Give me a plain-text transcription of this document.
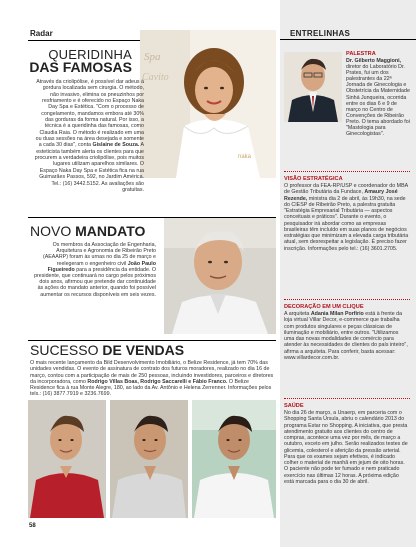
Radar
Spa
Cavito
naka
QUERIDINHA
DAS FAMOSAS
Através da criolipólise, é possível dar adeus à gordura localizada sem cirurgia. O método, não invasivo, elimina os pneuzinhos por resfriamento e é oferecido no Espaço Naka Day Spa e Estética. "Com o processo de congelamento, mandamos embora até 30% das gorduras da forma natural. Por isso, a técnica é a queridinha das famosas, como Claudia Raia. O método é realizado em uma ou duas sessões na área desejada e somente a cada 30 dias", conta Gislaine de Souza. A esteticista também alerta os clientes para que procurem a verdadeira criolipólise, pois muitos lugares utilizam aparelhos similares. O Espaço Naka Day Spa e Estética fica na rua Guimarães Passos, 592, no Jardim América. Tel.: (16) 3442.5152. As avaliações são gratuitas.
NOVO MANDATO
Os membros da Associação de Engenharia, Arquitetura e Agronomia de Ribeirão Preto (AEAARP) foram às urnas no dia 25 de março e reelegeram o engenheiro civil João Paulo Figueiredo para a presidência da entidade. O presidente, que continuará no cargo pelos próximos dois anos, afirmou que pretende dar continuidade às ações do mandato anterior, quando foi possível aumentar os recursos disponíveis em seis vezes.
SUCESSO DE VENDAS
O mais recente lançamento da Bild Desenvolvimento Imobiliário, o Belize Residence, já tem 70% das unidades vendidas. O evento de assinatura de contrato dos futuros moradores, realizado no dia 16 de março, contou com a participação de mais de 250 pessoas, incluindo investidores, parceiros e diretores da incorporadora, como Rodrigo Villas Boas, Rodrigo Saccarelli e Fábio Franco. O Belize Residence fica à rua Monte Alegre, 180, ao lado da Av. Antônio e Helena Zerrenner. Informações pelos tels.: (16) 3877.7919 e 3236.7699.
58
ENTRELINHAS
PALESTRA
Dr. Gilberto Maggioni, diretor do Laboratório Dr. Prates, fui um dos palestrantes da 22ª Jornada de Ginecologia e Obstetrícia da Maternidade Sinhá Junqueira, ocorrida entre os dias 6 e 9 de março no Centro de Convenções de Ribeirão Preto. O tema abordado foi "Mastologia para Ginecologistas".
VISÃO ESTRATÉGICA
O professor da FEA-RP/USP e coordenador do MBA de Gestão Tributária da Fundace, Amaury José Rezende, ministra dia 2 de abril, às 19h30, na sede do CIESP de Ribeirão Preto, a palestra gratuita "Estratégia Empresarial Tributária — aspectos conceituais e práticos". Durante o evento, o pesquisador irá abordar como as empresas brasileiras têm incluído em suas planos de negócios estratégias que minimizam a elevada carga tributária atual, sem desrespeitar a legislação. É preciso fazer inscrição. Informações pelo tel.: (16) 3601.2705.
DECORAÇÃO EM UM CLIQUE
A arquiteta Adania Milan Porfírio está à frente da loja virtual Villar Decor, e-commerce que trabalha com produtos singulares e peças clássicas de iluminação e mobiliário, entre outros. "Utilizamos uma das novas modalidades de comércio para atender às necessidades de clientes do país inteiro", afirma a arquiteta. Para conferir, basta acessar: www.villardecor.com.br.
SAÚDE
No dia 26 de março, a Unaerp, em parceria com o Shopping Santa Úrsula, abriu o calendário 2013 do programa Estar no Shopping. A iniciativa, que presta atendimento gratuito aos clientes do centro de compras, acontece uma vez por mês, de março a outubro, exceto em julho. Serão realizados testes de glicemia, colesterol e aferição da pressão arterial. Para que os exames sejam efetivos, é indicado colher o material de manhã em jejum de oito horas. O paciente não pode ter fumado e nem praticado exercício nas últimas 12 horas. A próxima edição está marcada para o dia 30 de abril.
